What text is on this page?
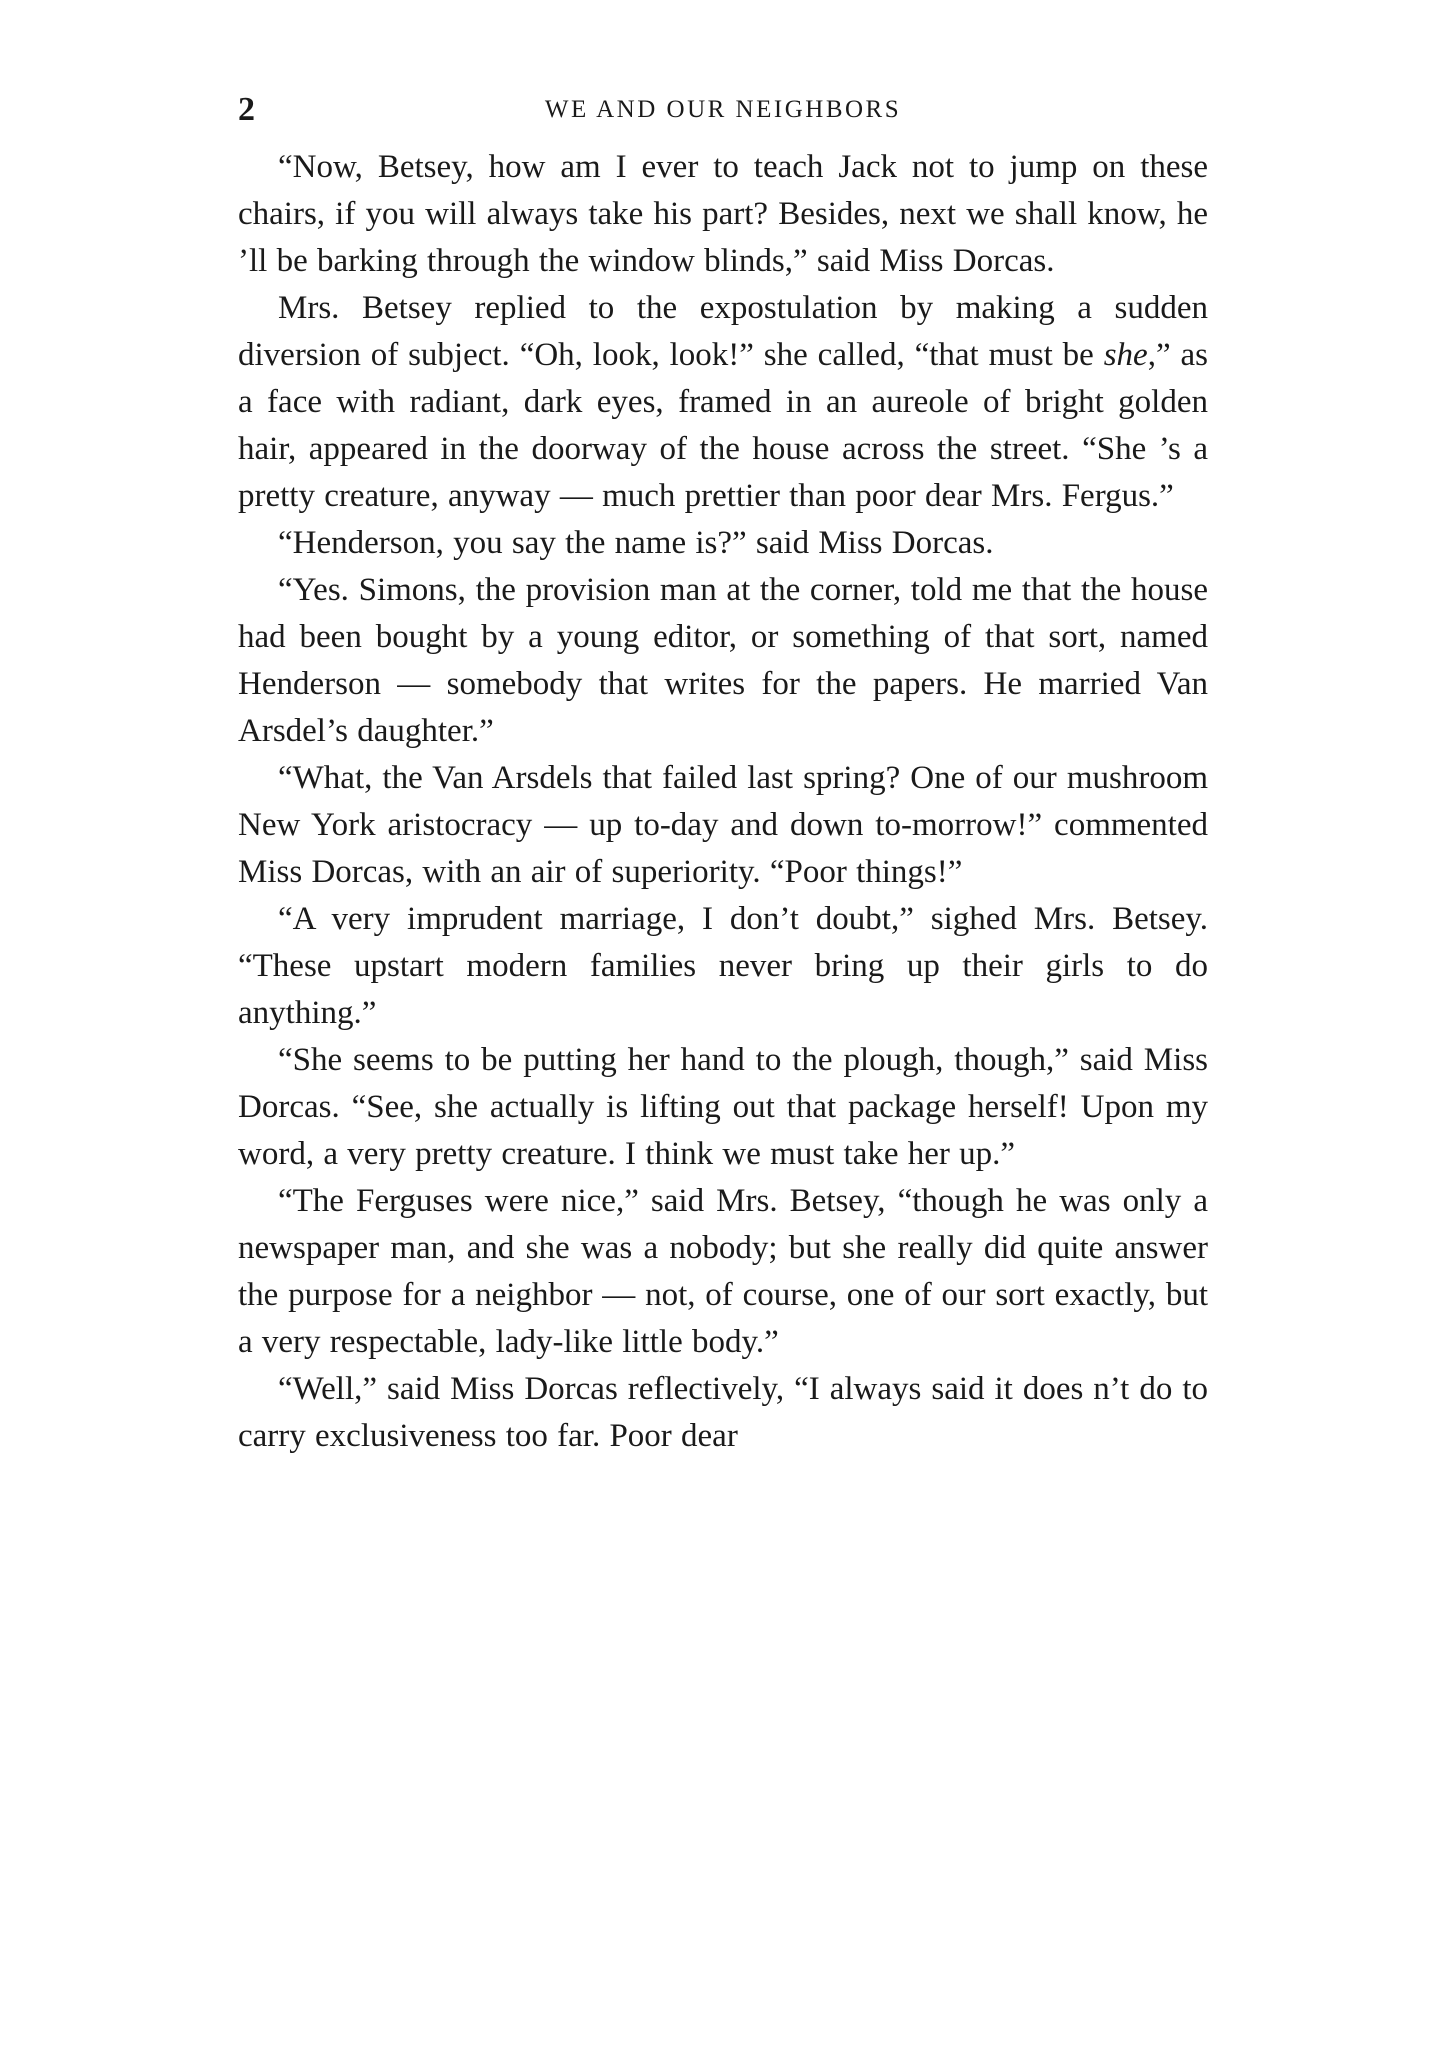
2	WE AND OUR NEIGHBORS

“Now, Betsey, how am I ever to teach Jack not to jump on these chairs, if you will always take his part? Besides, next we shall know, he ’ll be barking through the window blinds,” said Miss Dorcas.

Mrs. Betsey replied to the expostulation by making a sudden diversion of subject. “Oh, look, look!” she called, “that must be she,” as a face with radiant, dark eyes, framed in an aureole of bright golden hair, appeared in the doorway of the house across the street. “She ’s a pretty creature, anyway — much prettier than poor dear Mrs. Fergus.”

“Henderson, you say the name is?” said Miss Dorcas.

“Yes. Simons, the provision man at the corner, told me that the house had been bought by a young editor, or something of that sort, named Henderson — somebody that writes for the papers. He married Van Arsdel’s daughter.”

“What, the Van Arsdels that failed last spring? One of our mushroom New York aristocracy — up to-day and down to-morrow!” commented Miss Dorcas, with an air of superiority. “Poor things!”

“A very imprudent marriage, I don’t doubt,” sighed Mrs. Betsey. “These upstart modern families never bring up their girls to do anything.”

“She seems to be putting her hand to the plough, though,” said Miss Dorcas. “See, she actually is lifting out that package herself! Upon my word, a very pretty creature. I think we must take her up.”

“The Ferguses were nice,” said Mrs. Betsey, “though he was only a newspaper man, and she was a nobody; but she really did quite answer the purpose for a neighbor — not, of course, one of our sort exactly, but a very respectable, lady-like little body.”

“Well,” said Miss Dorcas reflectively, “I always said it does n’t do to carry exclusiveness too far. Poor dear
